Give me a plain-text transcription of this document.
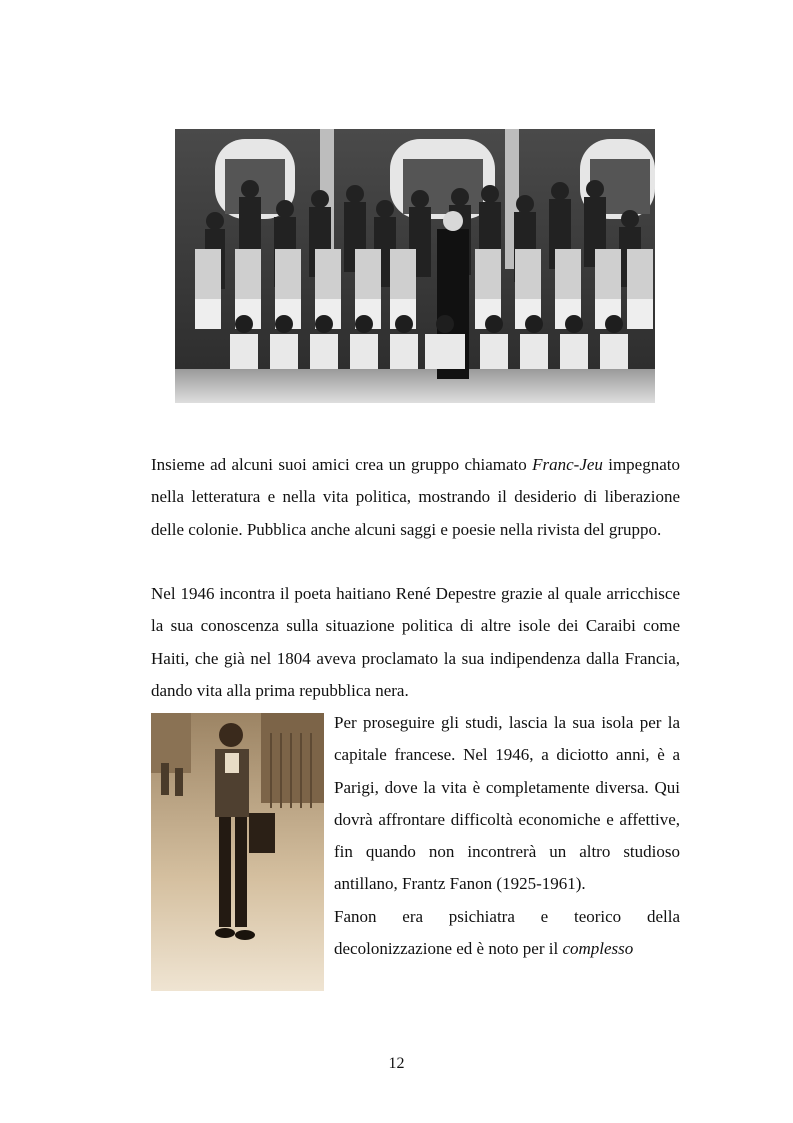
Insieme ad alcuni suoi amici crea un gruppo chiamato Franc-Jeu impegnato nella letteratura e nella vita politica, mostrando il desiderio di liberazione delle colonie. Pubblica anche alcuni saggi e poesie nella rivista del gruppo.

Nel 1946 incontra il poeta haitiano René Depestre grazie al quale arricchisce la sua conoscenza sulla situazione politica di altre isole dei Caraibi come Haiti, che già nel 1804 aveva proclamato la sua indipendenza dalla Francia, dando vita alla prima repubblica nera.

Per proseguire gli studi, lascia la sua isola per la capitale francese. Nel 1946, a diciotto anni, è a Parigi, dove la vita è completamente diversa. Qui dovrà affrontare difficoltà economiche e affettive, fin quando non incontrerà un altro studioso antillano, Frantz Fanon (1925-1961).

Fanon era psichiatra e teorico della decolonizzazione ed è noto per il complesso

12
